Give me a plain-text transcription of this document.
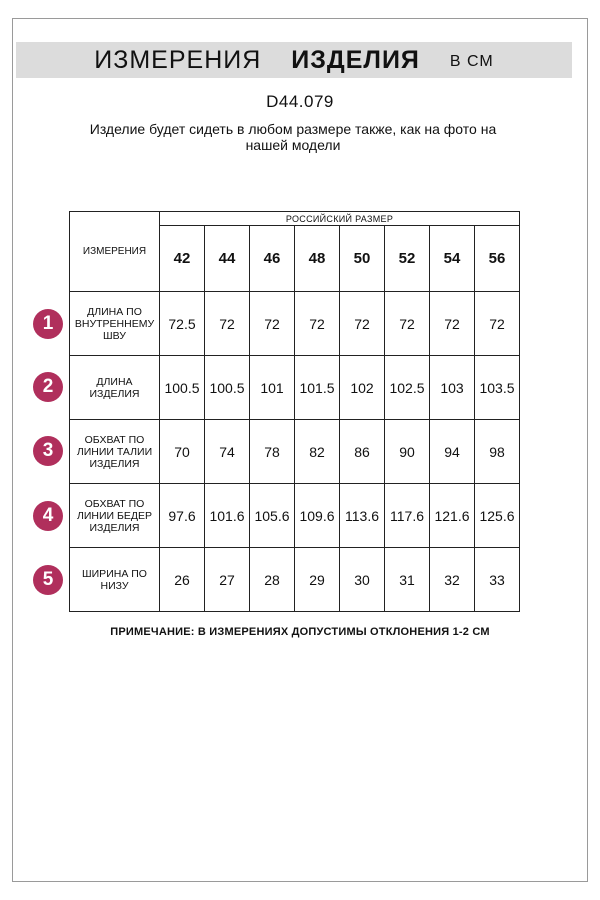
ИЗМЕРЕНИЯ ИЗДЕЛИЯ В СМ
D44.079
Изделие будет сидеть в любом размере также, как на фото на нашей модели
ИЗМЕРЕНИЯ	РОССИЙСКИЙ РАЗМЕР							
	42	44	46	48	50	52	54	56
ДЛИНА ПО ВНУТРЕННЕМУ ШВУ	72.5	72	72	72	72	72	72	72
ДЛИНА ИЗДЕЛИЯ	100.5	100.5	101	101.5	102	102.5	103	103.5
ОБХВАТ ПО ЛИНИИ ТАЛИИ ИЗДЕЛИЯ	70	74	78	82	86	90	94	98
ОБХВАТ ПО ЛИНИИ БЕДЕР ИЗДЕЛИЯ	97.6	101.6	105.6	109.6	113.6	117.6	121.6	125.6
ШИРИНА ПО НИЗУ	26	27	28	29	30	31	32	33
1
2
3
4
5
ПРИМЕЧАНИЕ: В ИЗМЕРЕНИЯХ ДОПУСТИМЫ ОТКЛОНЕНИЯ 1-2 СМ
